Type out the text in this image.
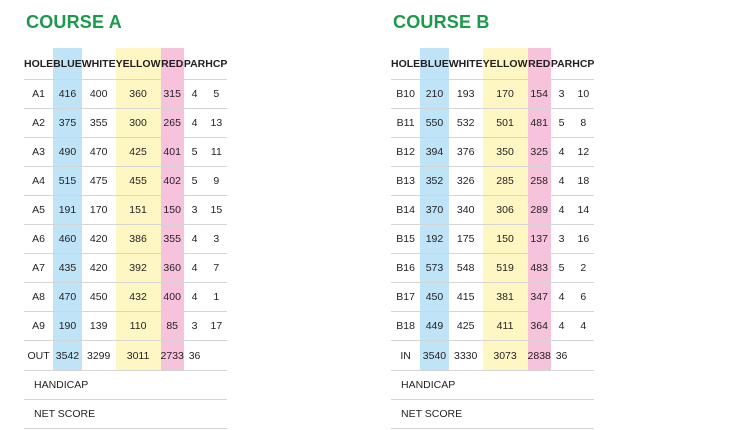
COURSE A
HOLE	BLUE	WHITE	YELLOW	RED	PAR	HCP
A1	416	400	360	315	4	5
A2	375	355	300	265	4	13
A3	490	470	425	401	5	11
A4	515	475	455	402	5	9
A5	191	170	151	150	3	15
A6	460	420	386	355	4	3
A7	435	420	392	360	4	7
A8	470	450	432	400	4	1
A9	190	139	110	85	3	17
OUT	3542	3299	3011	2733	36	
HANDICAP						
NET SCORE						
COURSE B
HOLE	BLUE	WHITE	YELLOW	RED	PAR	HCP
B10	210	193	170	154	3	10
B11	550	532	501	481	5	8
B12	394	376	350	325	4	12
B13	352	326	285	258	4	18
B14	370	340	306	289	4	14
B15	192	175	150	137	3	16
B16	573	548	519	483	5	2
B17	450	415	381	347	4	6
B18	449	425	411	364	4	4
IN	3540	3330	3073	2838	36	
HANDICAP						
NET SCORE						
